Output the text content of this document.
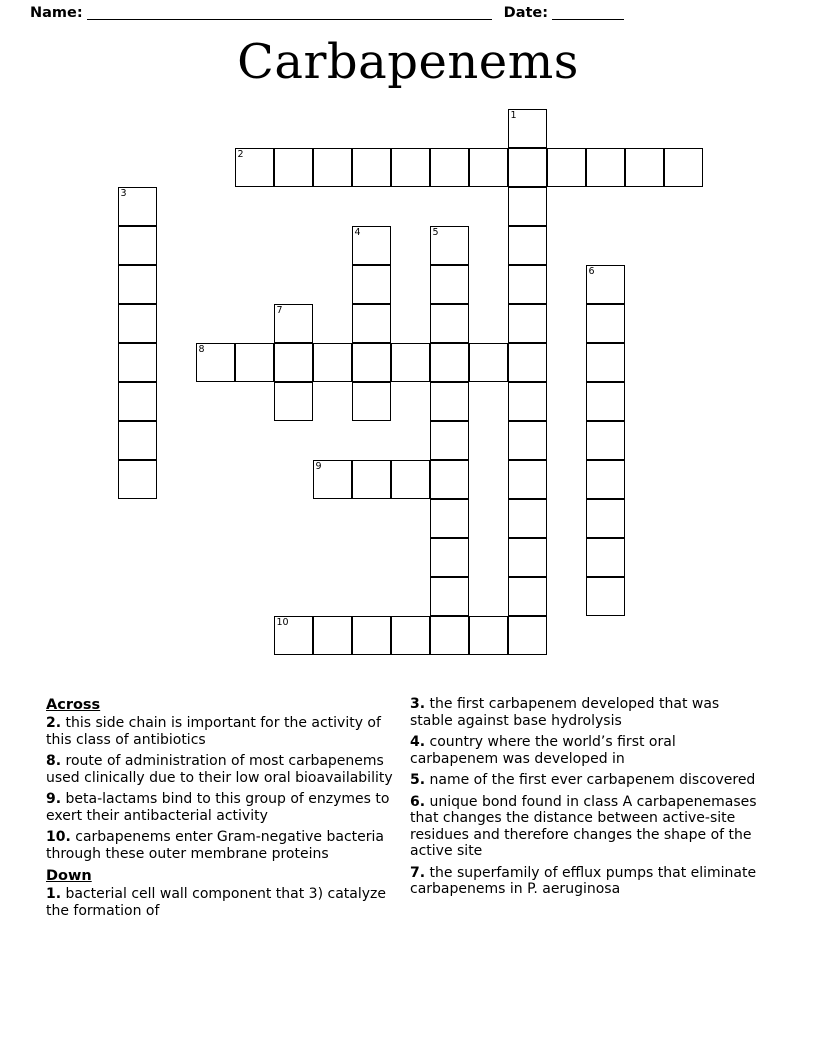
Name:	Date:
Carbapenems
1
2
3
4	5
6
7
8
9
10
Across
2. this side chain is important for the activity of this class of antibiotics
8. route of administration of most carbapenems used clinically due to their low oral bioavailability
9. beta-lactams bind to this group of enzymes to exert their antibacterial activity
10. carbapenems enter Gram-negative bacteria through these outer membrane proteins
Down
1. bacterial cell wall component that 3) catalyze the formation of
3. the first carbapenem developed that was stable against base hydrolysis
4. country where the world’s first oral carbapenem was developed in
5. name of the first ever carbapenem discovered
6. unique bond found in class A carbapenemases that changes the distance between active-site residues and therefore changes the shape of the active site
7. the superfamily of efflux pumps that eliminate carbapenems in P. aeruginosa
